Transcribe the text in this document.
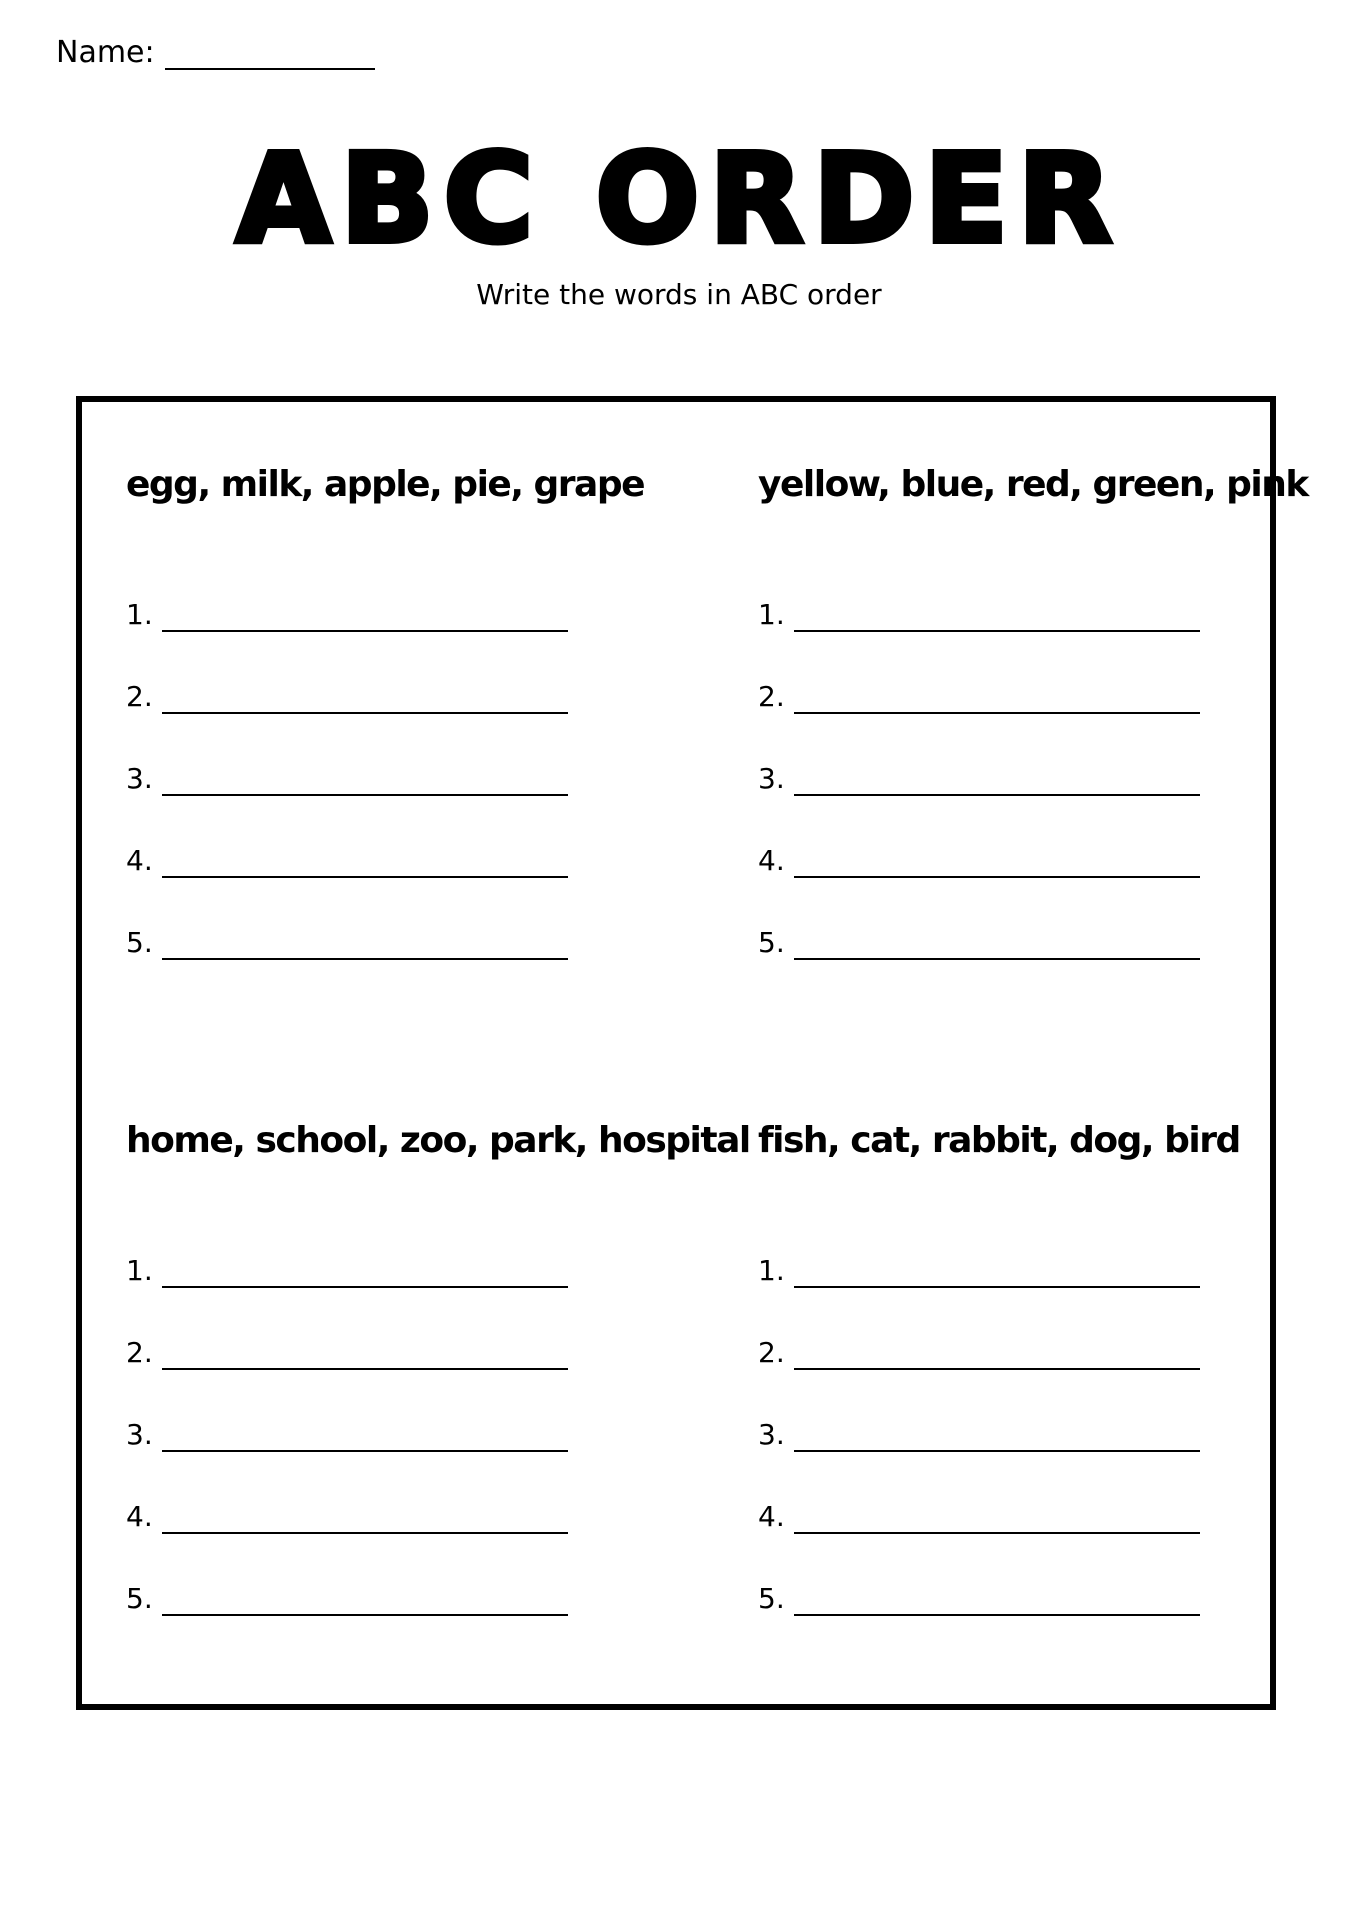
Name:
ABC ORDER
Write the words in ABC order
egg, milk, apple, pie, grape
1.
2.
3.
4.
5.
yellow, blue, red, green, pink
1.
2.
3.
4.
5.
home, school, zoo, park, hospital
1.
2.
3.
4.
5.
fish, cat, rabbit, dog, bird
1.
2.
3.
4.
5.
